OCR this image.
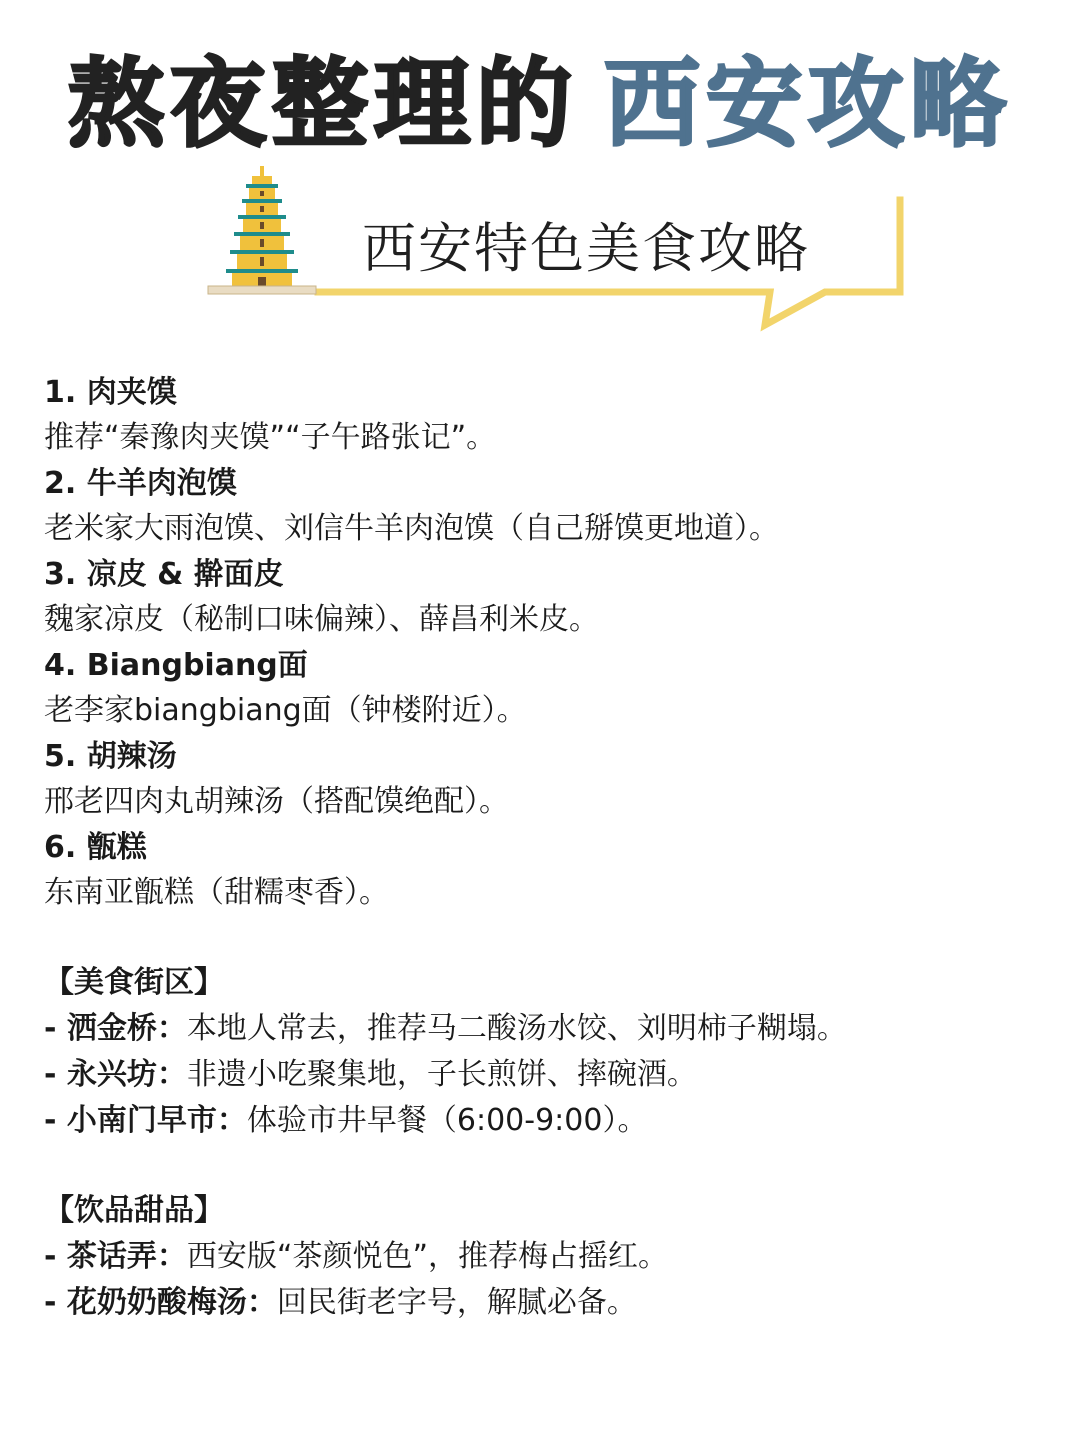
熬夜整理的 西安攻略
西安特色美食攻略
1. 肉夹馍
推荐“秦豫肉夹馍”“子午路张记”。
2. 牛羊肉泡馍
老米家大雨泡馍、刘信牛羊肉泡馍（自己掰馍更地道）。
3. 凉皮 & 擀面皮
魏家凉皮（秘制口味偏辣）、薛昌利米皮。
4. Biangbiang面
老李家biangbiang面（钟楼附近）。
5. 胡辣汤
邢老四肉丸胡辣汤（搭配馍绝配）。
6. 甑糕
东南亚甑糕（甜糯枣香）。
【美食街区】
- 洒金桥：本地人常去，推荐马二酸汤水饺、刘明柿子糊塌。
- 永兴坊：非遗小吃聚集地，子长煎饼、摔碗酒。
- 小南门早市：体验市井早餐（6:00-9:00）。
【饮品甜品】
- 茶话弄：西安版“茶颜悦色”，推荐梅占摇红。
- 花奶奶酸梅汤：回民街老字号，解腻必备。
